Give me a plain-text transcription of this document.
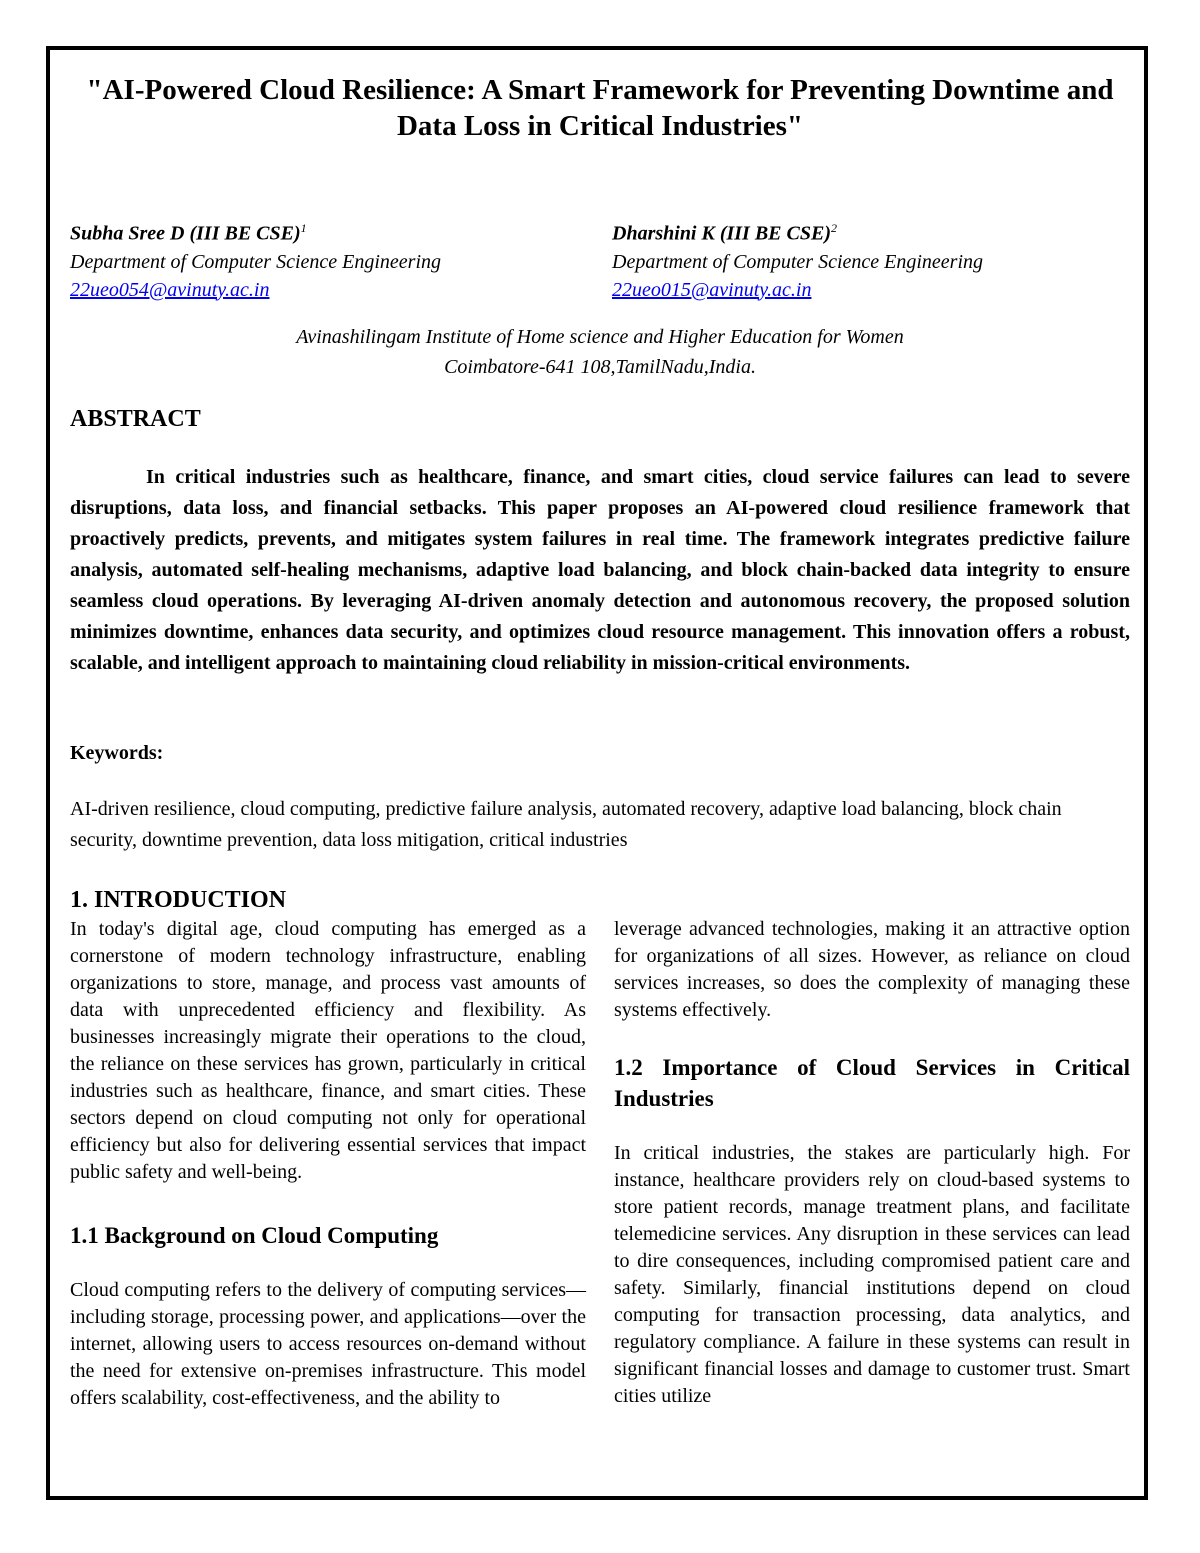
"AI-Powered Cloud Resilience: A Smart Framework for Preventing Downtime and Data Loss in Critical Industries"
Subha Sree D (III BE CSE)$^1$
Department of Computer Science Engineering
22ueo054@avinuty.ac.in
Dharshini K (III BE CSE)$^2$
Department of Computer Science Engineering
22ueo015@avinuty.ac.in
Avinashilingam Institute of Home science and Higher Education for Women
Coimbatore-641 108,TamilNadu,India.
ABSTRACT

In critical industries such as healthcare, finance, and smart cities, cloud service failures can lead to severe disruptions, data loss, and financial setbacks. This paper proposes an AI-powered cloud resilience framework that proactively predicts, prevents, and mitigates system failures in real time. The framework integrates predictive failure analysis, automated self-healing mechanisms, adaptive load balancing, and block chain-backed data integrity to ensure seamless cloud operations. By leveraging AI-driven anomaly detection and autonomous recovery, the proposed solution minimizes downtime, enhances data security, and optimizes cloud resource management. This innovation offers a robust, scalable, and intelligent approach to maintaining cloud reliability in mission-critical environments.

Keywords:

AI-driven resilience, cloud computing, predictive failure analysis, automated recovery, adaptive load balancing, block chain security, downtime prevention, data loss mitigation, critical industries

1. INTRODUCTION

In today's digital age, cloud computing has emerged as a cornerstone of modern technology infrastructure, enabling organizations to store, manage, and process vast amounts of data with unprecedented efficiency and flexibility. As businesses increasingly migrate their operations to the cloud, the reliance on these services has grown, particularly in critical industries such as healthcare, finance, and smart cities. These sectors depend on cloud computing not only for operational efficiency but also for delivering essential services that impact public safety and well-being.

1.1 Background on Cloud Computing

Cloud computing refers to the delivery of computing services—including storage, processing power, and applications—over the internet, allowing users to access resources on-demand without the need for extensive on-premises infrastructure. This model offers scalability, cost-effectiveness, and the ability to

leverage advanced technologies, making it an attractive option for organizations of all sizes. However, as reliance on cloud services increases, so does the complexity of managing these systems effectively.

1.2 Importance of Cloud Services in Critical Industries

In critical industries, the stakes are particularly high. For instance, healthcare providers rely on cloud-based systems to store patient records, manage treatment plans, and facilitate telemedicine services. Any disruption in these services can lead to dire consequences, including compromised patient care and safety. Similarly, financial institutions depend on cloud computing for transaction processing, data analytics, and regulatory compliance. A failure in these systems can result in significant financial losses and damage to customer trust. Smart cities utilize
